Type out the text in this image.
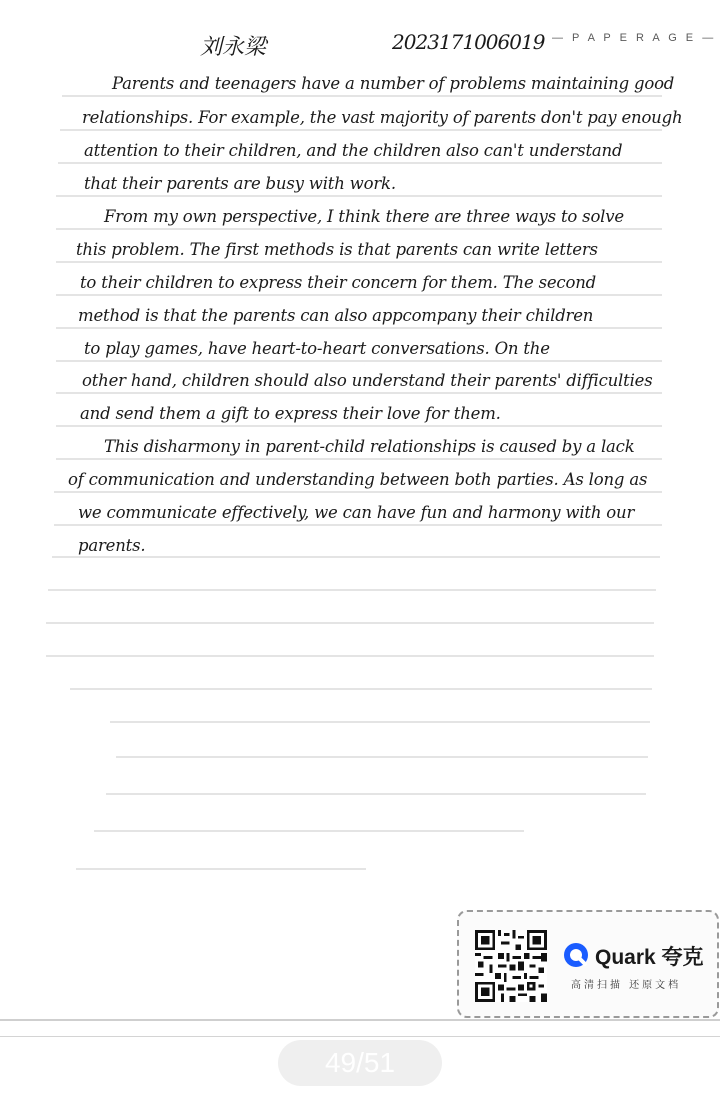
刘永梁	2023171006019 — P A P E R A G E —
Parents and teenagers have a number of problems maintaining good
relationships. For example, the vast majority of parents don't pay enough
attention to their children, and the children also can't understand
that their parents are busy with work.
From my own perspective, I think there are three ways to solve
this problem. The first methods is that parents can write letters
to their children to express their concern for them. The second
method is that the parents can also appcompany their children
to play games, have heart-to-heart conversations. On the
other hand, children should also understand their parents' difficulties
and send them a gift to express their love for them.
This disharmony in parent-child relationships is caused by a lack
of communication and understanding between both parties. As long as
we communicate effectively, we can have fun and harmony with our
parents.
Quark 夸克
高清扫描 还原文档
49/51
